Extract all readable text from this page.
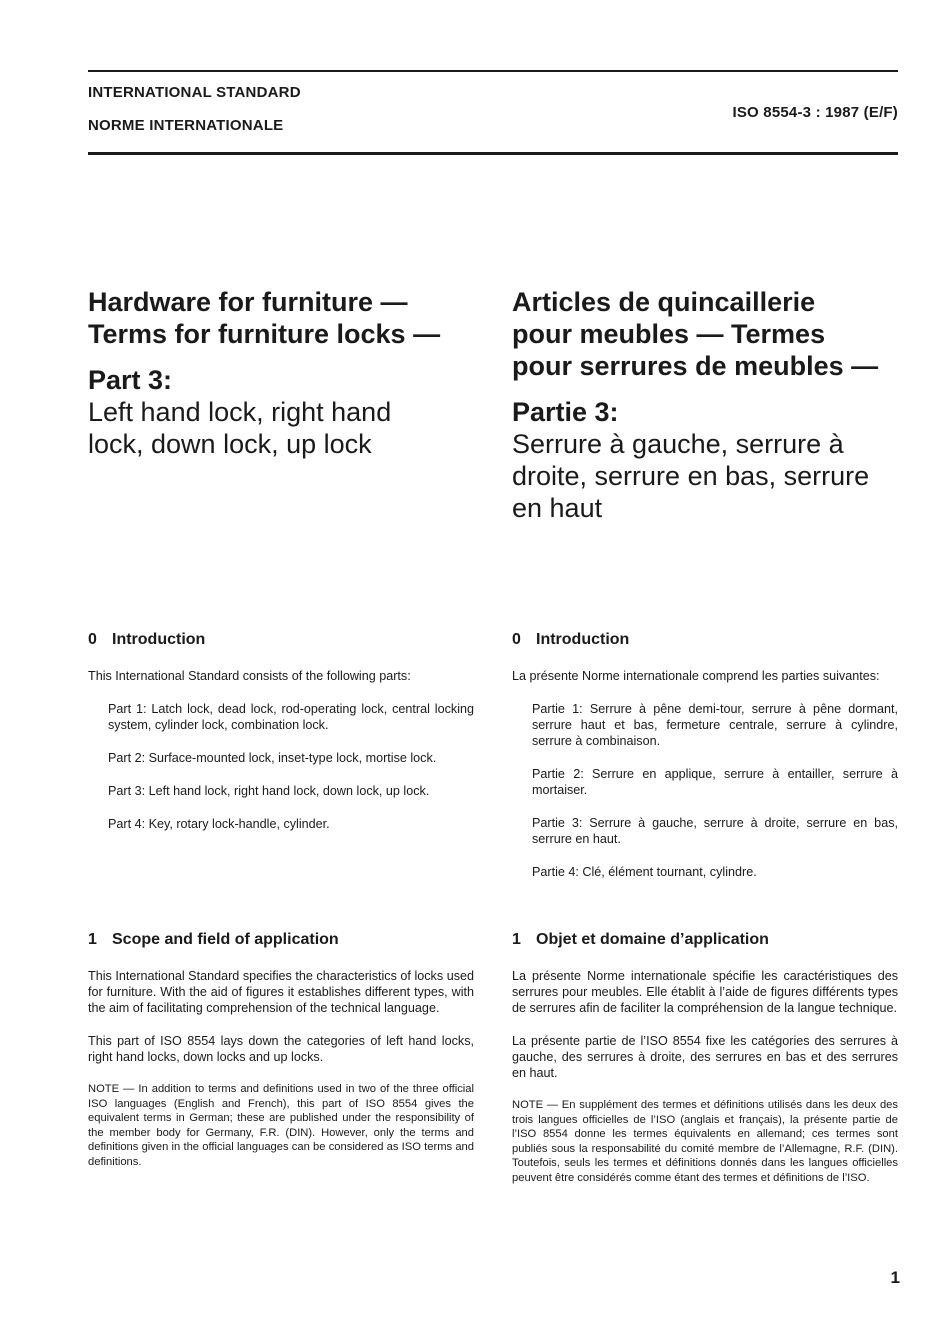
INTERNATIONAL STANDARD
NORME INTERNATIONALE
ISO 8554-3 : 1987 (E/F)
Hardware for furniture —
Terms for furniture locks —
Part 3:
Left hand lock, right hand
lock, down lock, up lock
Articles de quincaillerie
pour meubles — Termes
pour serrures de meubles —
Partie 3:
Serrure à gauche, serrure à
droite, serrure en bas, serrure
en haut
0 Introduction

This International Standard consists of the following parts:

Part 1: Latch lock, dead lock, rod-operating lock, central locking system, cylinder lock, combination lock.

Part 2: Surface-mounted lock, inset-type lock, mortise lock.

Part 3: Left hand lock, right hand lock, down lock, up lock.

Part 4: Key, rotary lock-handle, cylinder.

0 Introduction

La présente Norme internationale comprend les parties suivantes:

Partie 1: Serrure à pêne demi-tour, serrure à pêne dormant, serrure haut et bas, fermeture centrale, serrure à cylindre, serrure à combinaison.

Partie 2: Serrure en applique, serrure à entailler, serrure à mortaiser.

Partie 3: Serrure à gauche, serrure à droite, serrure en bas, serrure en haut.

Partie 4: Clé, élément tournant, cylindre.

1 Scope and field of application

This International Standard specifies the characteristics of locks used for furniture. With the aid of figures it establishes different types, with the aim of facilitating comprehension of the technical language.

This part of ISO 8554 lays down the categories of left hand locks, right hand locks, down locks and up locks.

NOTE — In addition to terms and definitions used in two of the three official ISO languages (English and French), this part of ISO 8554 gives the equivalent terms in German; these are published under the responsibility of the member body for Germany, F.R. (DIN). However, only the terms and definitions given in the official languages can be considered as ISO terms and definitions.

1 Objet et domaine d’application

La présente Norme internationale spécifie les caractéristiques des serrures pour meubles. Elle établit à l’aide de figures différents types de serrures afin de faciliter la compréhension de la langue technique.

La présente partie de l’ISO 8554 fixe les catégories des serrures à gauche, des serrures à droite, des serrures en bas et des serrures en haut.

NOTE — En supplément des termes et définitions utilisés dans les deux des trois langues officielles de l’ISO (anglais et français), la présente partie de l’ISO 8554 donne les termes équivalents en allemand; ces termes sont publiés sous la responsabilité du comité membre de l’Allemagne, R.F. (DIN). Toutefois, seuls les termes et définitions donnés dans les langues officielles peuvent être considérés comme étant des termes et définitions de l’ISO.

1
